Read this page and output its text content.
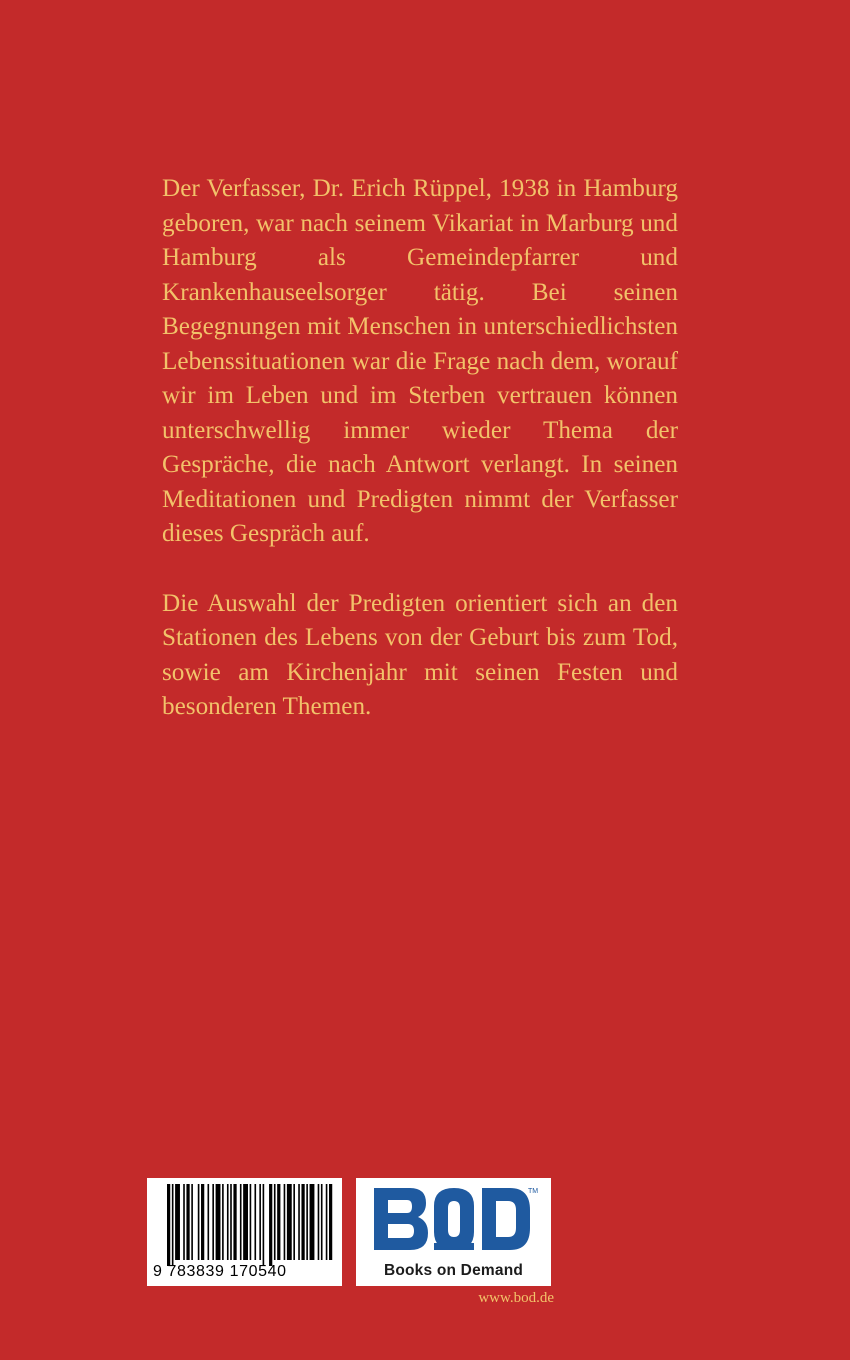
Der Verfasser, Dr. Erich Rüppel, 1938 in Hamburg geboren, war nach seinem Vikariat in Marburg und Hamburg als Gemeindepfarrer und Krankenhauseelsorger tätig. Bei seinen Begegnungen mit Menschen in unterschiedlichsten Lebenssituationen war die Frage nach dem, worauf wir im Leben und im Sterben vertrauen können unterschwellig immer wieder Thema der Gespräche, die nach Antwort verlangt. In seinen Meditationen und Predigten nimmt der Verfasser dieses Gespräch auf.

Die Auswahl der Predigten orientiert sich an den Stationen des Lebens von der Geburt bis zum Tod, sowie am Kirchenjahr mit seinen Festen und besonderen Themen.

9 783839 170540
TM
Books on Demand
www.bod.de
